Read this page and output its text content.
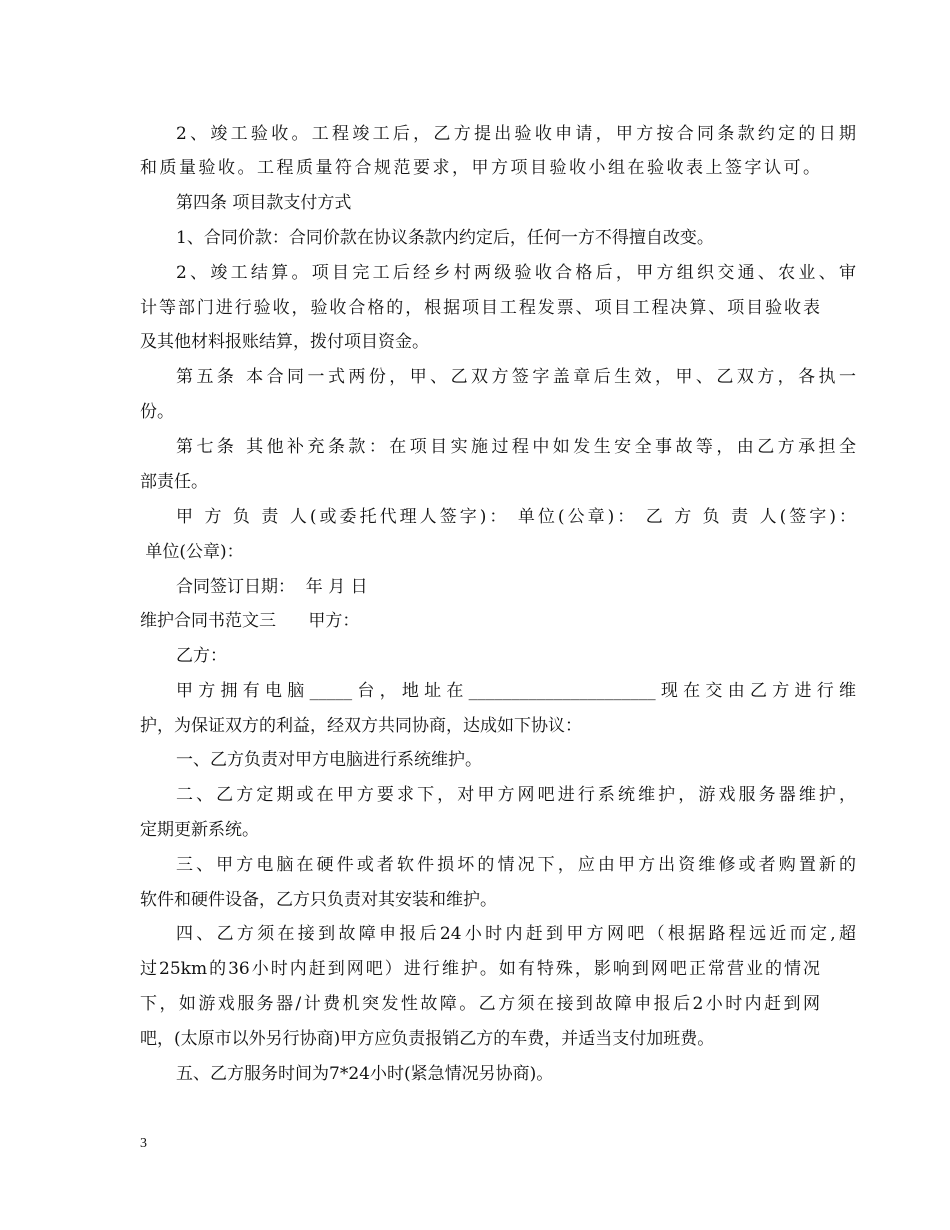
2、竣工验收。工程竣工后，乙方提出验收申请，甲方按合同条款约定的日期
和质量验收。工程质量符合规范要求，甲方项目验收小组在验收表上签字认可。
第四条 项目款支付方式
1、合同价款：合同价款在协议条款内约定后，任何一方不得擅自改变。
2、竣工结算。项目完工后经乡村两级验收合格后，甲方组织交通、农业、审
计等部门进行验收，验收合格的，根据项目工程发票、项目工程决算、项目验收表
及其他材料报账结算，拨付项目资金。
第五条 本合同一式两份，甲、乙双方签字盖章后生效，甲、乙双方，各执一
份。
第七条 其他补充条款：在项目实施过程中如发生安全事故等，由乙方承担全
部责任。
甲 方 负 责 人(或委托代理人签字)： 单位(公章)： 乙 方 负 责 人(签字)：
单位(公章)：
合同签订日期：  年 月 日
维护合同书范文三      甲方：
乙方：
甲方拥有电脑_____台，地址在______________________现在交由乙方进行维
护，为保证双方的利益，经双方共同协商，达成如下协议：
一、乙方负责对甲方电脑进行系统维护。
二、乙方定期或在甲方要求下，对甲方网吧进行系统维护，游戏服务器维护，
定期更新系统。
三、甲方电脑在硬件或者软件损坏的情况下，应由甲方出资维修或者购置新的
软件和硬件设备，乙方只负责对其安装和维护。
四、乙方须在接到故障申报后24小时内赶到甲方网吧（根据路程远近而定,超
过25km的36小时内赶到网吧）进行维护。如有特殊，影响到网吧正常营业的情况
下，如游戏服务器/计费机突发性故障。乙方须在接到故障申报后2小时内赶到网
吧，(太原市以外另行协商)甲方应负责报销乙方的车费，并适当支付加班费。
五、乙方服务时间为7*24小时(紧急情况另协商)。
3
